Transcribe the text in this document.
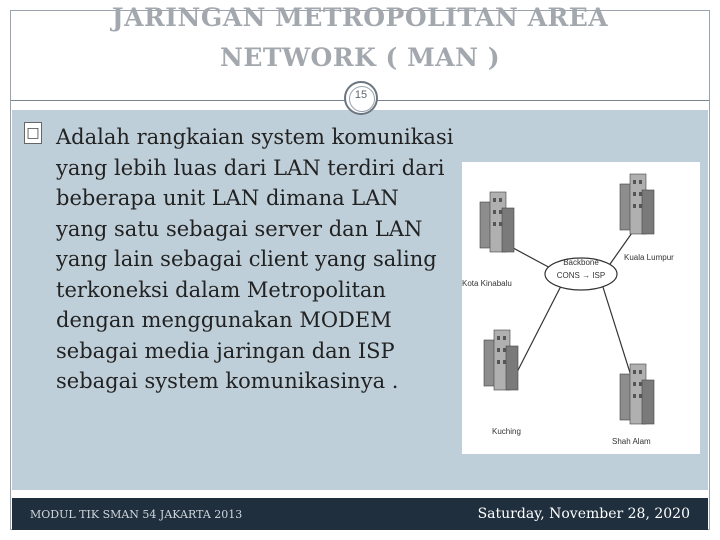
JARINGAN METROPOLITAN AREA
NETWORK ( MAN )
15
□ Adalah rangkaian system komunikasi yang lebih luas dari LAN terdiri dari beberapa unit LAN dimana LAN yang satu sebagai server dan LAN yang lain sebagai client yang saling terkoneksi dalam Metropolitan dengan menggunakan MODEM sebagai media jaringan dan ISP sebagai system komunikasinya .
Backbone
CONS → ISP
Kota Kinabalu
Kuala Lumpur
Kuching
Shah Alam
MODUL TIK SMAN 54 JAKARTA 2013	Saturday, November 28, 2020
